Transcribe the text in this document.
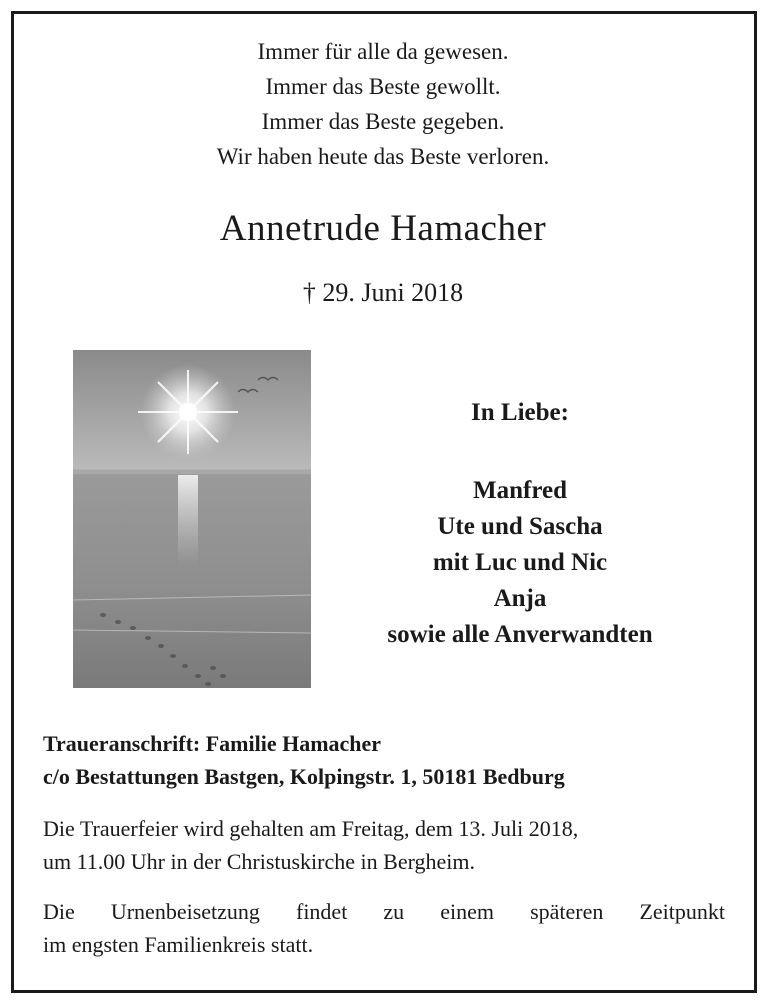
Immer für alle da gewesen.
Immer das Beste gewollt.
Immer das Beste gegeben.
Wir haben heute das Beste verloren.
Annetrude Hamacher
† 29. Juni 2018
In Liebe:
Manfred
Ute und Sascha
mit Luc und Nic
Anja
sowie alle Anverwandten
Traueranschrift: Familie Hamacher
c/o Bestattungen Bastgen, Kolpingstr. 1, 50181 Bedburg
Die Trauerfeier wird gehalten am Freitag, dem 13. Juli 2018,
um 11.00 Uhr in der Christuskirche in Bergheim.
Die Urnenbeisetzung findet zu einem späteren Zeitpunkt
im engsten Familienkreis statt.
